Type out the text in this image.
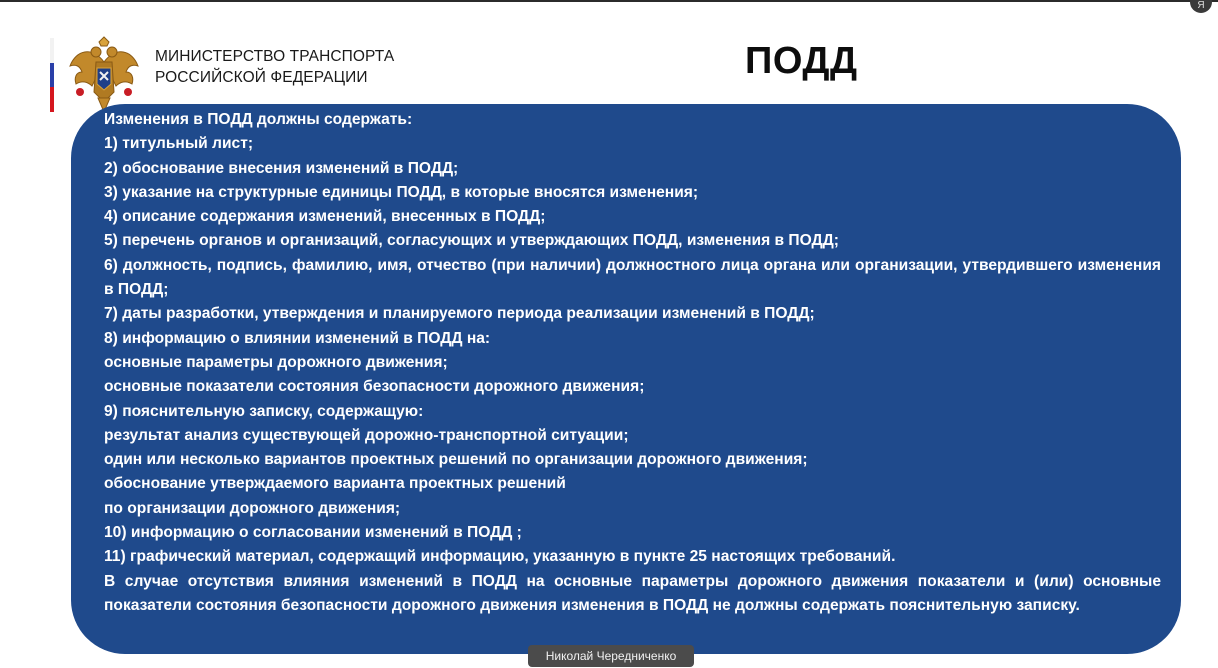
Я
МИНИСТЕРСТВО ТРАНСПОРТА
РОССИЙСКОЙ ФЕДЕРАЦИИ	ПОДД
Изменения в ПОДД должны содержать:
1) титульный лист;
2) обоснование внесения изменений в ПОДД;
3) указание на структурные единицы ПОДД, в которые вносятся изменения;
4) описание содержания изменений, внесенных в ПОДД;
5) перечень органов и организаций, согласующих и утверждающих ПОДД, изменения в ПОДД;
6) должность, подпись, фамилию, имя, отчество (при наличии) должностного лица органа или организации, утвердившего изменения в ПОДД;
7) даты разработки, утверждения и планируемого периода реализации изменений в ПОДД;
8) информацию о влиянии изменений в ПОДД на:
основные параметры дорожного движения;
основные показатели состояния безопасности дорожного движения;
9) пояснительную записку, содержащую:
результат анализ существующей дорожно-транспортной ситуации;
один или несколько вариантов проектных решений по организации дорожного движения;
обоснование утверждаемого варианта проектных решений
по организации дорожного движения;
10) информацию о согласовании изменений в ПОДД ;
11) графический материал, содержащий информацию, указанную в пункте 25 настоящих требований.
В случае отсутствия влияния изменений в ПОДД на основные параметры дорожного движения показатели и (или) основные показатели состояния безопасности дорожного движения изменения в ПОДД не должны содержать пояснительную записку.
Николай Чередниченко
